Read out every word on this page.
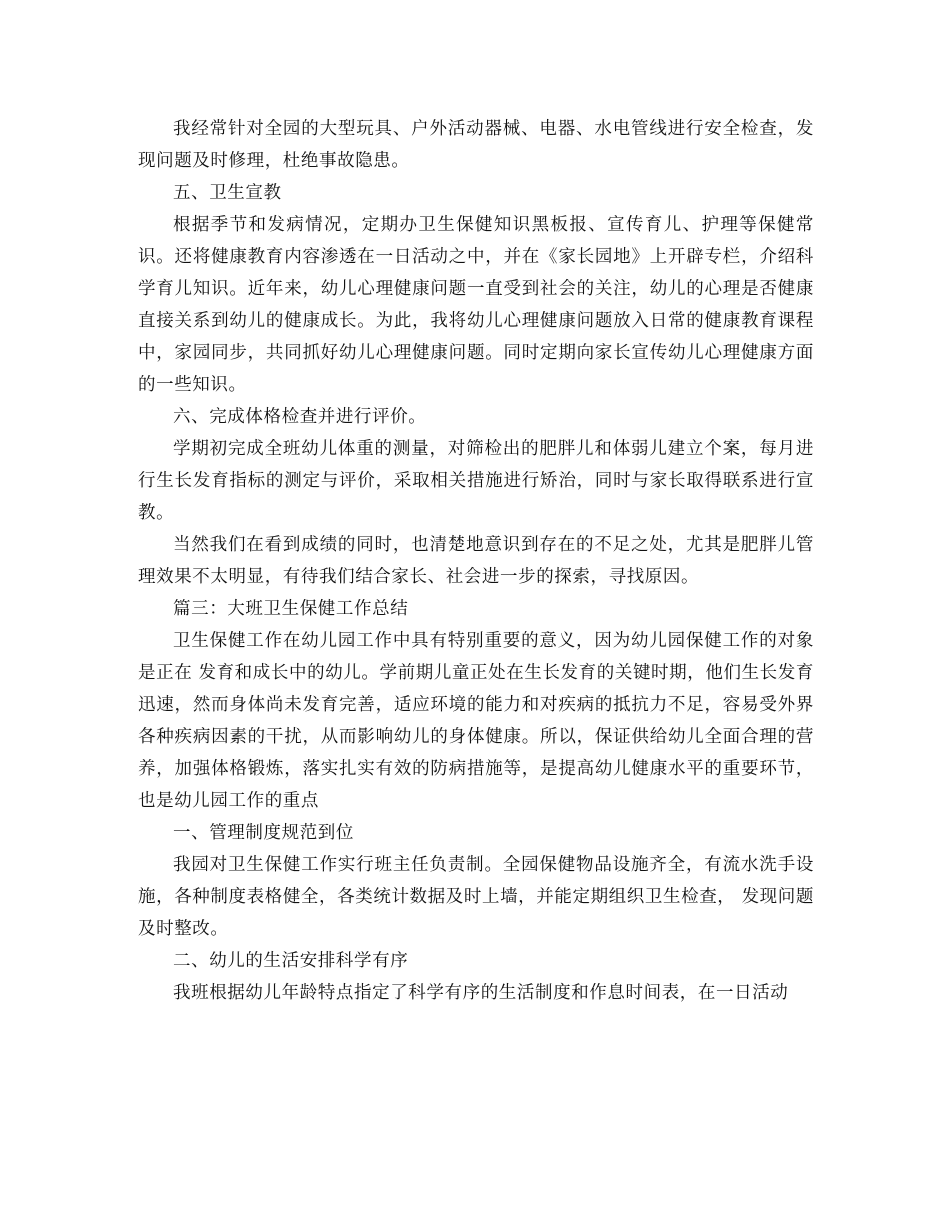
我经常针对全园的大型玩具、户外活动器械、电器、水电管线进行安全检查，发现问题及时修理，杜绝事故隐患。

五、卫生宣教

根据季节和发病情况，定期办卫生保健知识黑板报、宣传育儿、护理等保健常识。还将健康教育内容渗透在一日活动之中，并在《家长园地》上开辟专栏，介绍科学育儿知识。近年来，幼儿心理健康问题一直受到社会的关注，幼儿的心理是否健康直接关系到幼儿的健康成长。为此，我将幼儿心理健康问题放入日常的健康教育课程中，家园同步，共同抓好幼儿心理健康问题。同时定期向家长宣传幼儿心理健康方面的一些知识。

六、完成体格检查并进行评价。

学期初完成全班幼儿体重的测量，对筛检出的肥胖儿和体弱儿建立个案，每月进行生长发育指标的测定与评价，采取相关措施进行矫治，同时与家长取得联系进行宣教。

当然我们在看到成绩的同时，也清楚地意识到存在的不足之处，尤其是肥胖儿管理效果不太明显，有待我们结合家长、社会进一步的探索，寻找原因。

篇三：大班卫生保健工作总结

卫生保健工作在幼儿园工作中具有特别重要的意义，因为幼儿园保健工作的对象是正在 发育和成长中的幼儿。学前期儿童正处在生长发育的关键时期，他们生长发育迅速，然而身体尚未发育完善，适应环境的能力和对疾病的抵抗力不足，容易受外界各种疾病因素的干扰，从而影响幼儿的身体健康。所以，保证供给幼儿全面合理的营养，加强体格锻炼，落实扎实有效的防病措施等，是提高幼儿健康水平的重要环节，也是幼儿园工作的重点

一、管理制度规范到位

我园对卫生保健工作实行班主任负责制。全园保健物品设施齐全，有流水洗手设施，各种制度表格健全，各类统计数据及时上墙，并能定期组织卫生检查， 发现问题及时整改。

二、幼儿的生活安排科学有序

我班根据幼儿年龄特点指定了科学有序的生活制度和作息时间表，在一日活动
